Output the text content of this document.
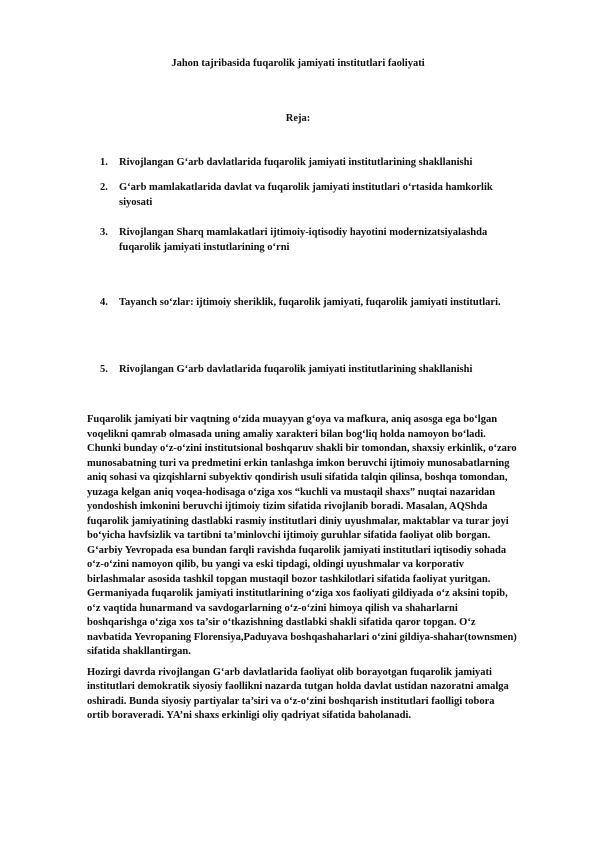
Jahon tajribasida fuqarolik jamiyati institutlari faoliyati
Reja:
1.	Rivojlangan G‘arb davlatlarida fuqarolik jamiyati institutlarining shakllanishi
2.	G‘arb mamlakatlarida davlat va fuqarolik jamiyati institutlari o‘rtasida hamkorlik siyosati
3.	Rivojlangan Sharq mamlakatlari ijtimoiy-iqtisodiy hayotini modernizatsiyalashda fuqarolik jamiyati instutlarining o‘rni
4.	Tayanch so‘zlar: ijtimoiy sheriklik, fuqarolik jamiyati, fuqarolik jamiyati institutlari.
5.	Rivojlangan G‘arb davlatlarida fuqarolik jamiyati institutlarining shakllanishi

Fuqarolik jamiyati bir vaqtning o‘zida muayyan g‘oya va mafkura, aniq asosga ega bo‘lgan voqelikni qamrab olmasada uning amaliy xarakteri bilan bog‘liq holda namoyon bo‘ladi. Chunki bunday o‘z-o‘zini institutsional boshqaruv shakli bir tomondan, shaxsiy erkinlik, o‘zaro munosabatning turi va predmetini erkin tanlashga imkon beruvchi ijtimoiy munosabatlarning aniq sohasi va qizqishlarni subyektiv qondirish usuli sifatida talqin qilinsa, boshqa tomondan, yuzaga kelgan aniq voqea-hodisaga o‘ziga xos “kuchli va mustaqil shaxs” nuqtai nazaridan yondoshish imkonini beruvchi ijtimoiy tizim sifatida rivojlanib boradi. Masalan, AQShda fuqarolik jamiyatining dastlabki rasmiy institutlari diniy uyushmalar, maktablar va turar joyi bo‘yicha havfsizlik va tartibni ta’minlovchi ijtimoiy guruhlar sifatida faoliyat olib borgan. G‘arbiy Yevropada esa bundan farqli ravishda fuqarolik jamiyati institutlari iqtisodiy sohada o‘z-o‘zini namoyon qilib, bu yangi va eski tipdagi, oldingi uyushmalar va korporativ birlashmalar asosida tashkil topgan mustaqil bozor tashkilotlari sifatida faoliyat yuritgan. Germaniyada fuqarolik jamiyati institutlarining o‘ziga xos faoliyati gildiyada o‘z aksini topib, o‘z vaqtida hunarmand va savdogarlarning o‘z-o‘zini himoya qilish va shaharlarni boshqarishga o‘ziga xos ta’sir o‘tkazishning dastlabki shakli sifatida qaror topgan. O‘z navbatida Yevropaning Florensiya,Paduyava boshqashaharlari o‘zini gildiya-shahar(townsmen) sifatida shakllantirgan.

Hozirgi davrda rivojlangan G‘arb davlatlarida faoliyat olib borayotgan fuqarolik jamiyati institutlari demokratik siyosiy faollikni nazarda tutgan holda davlat ustidan nazoratni amalga oshiradi. Bunda siyosiy partiyalar ta’siri va o‘z-o‘zini boshqarish institutlari faolligi tobora ortib boraveradi. YA’ni shaxs erkinligi oliy qadriyat sifatida baholanadi.
